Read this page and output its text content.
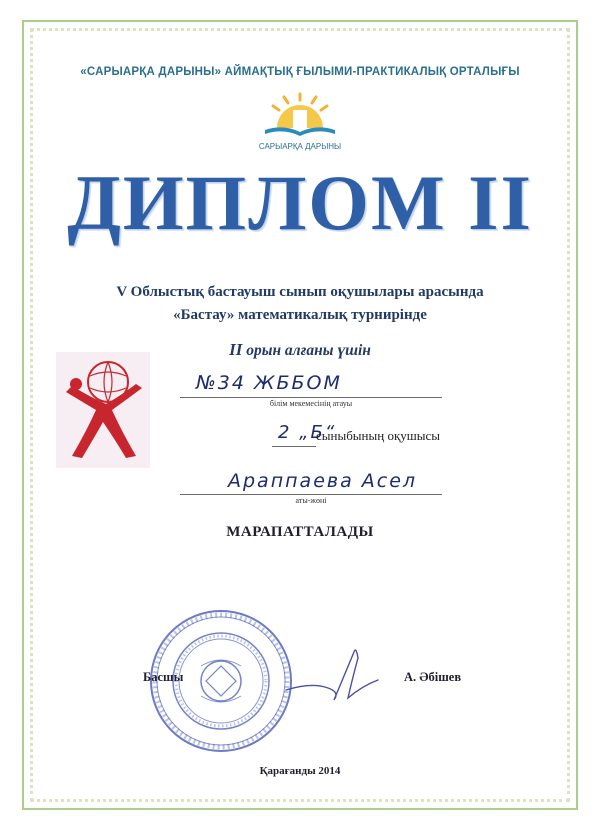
«САРЫАРҚА ДАРЫНЫ» АЙМАҚТЫҚ ҒЫЛЫМИ-ПРАКТИКАЛЫҚ ОРТАЛЫҒЫ
САРЫАРҚА ДАРЫНЫ
ДИПЛОМ II
V Облыстық бастауыш сынып оқушылары арасында
«Бастау» математикалық турнирінде
II орын алғаны үшін
№34 ЖББОМ
білім мекемесінің атауы
2 „Б“
сыныбының оқушысы
Араппаева Асел
аты-жөні
МАРАПАТТАЛАДЫ
Басшы	А. Әбішев
Қарағанды 2014
